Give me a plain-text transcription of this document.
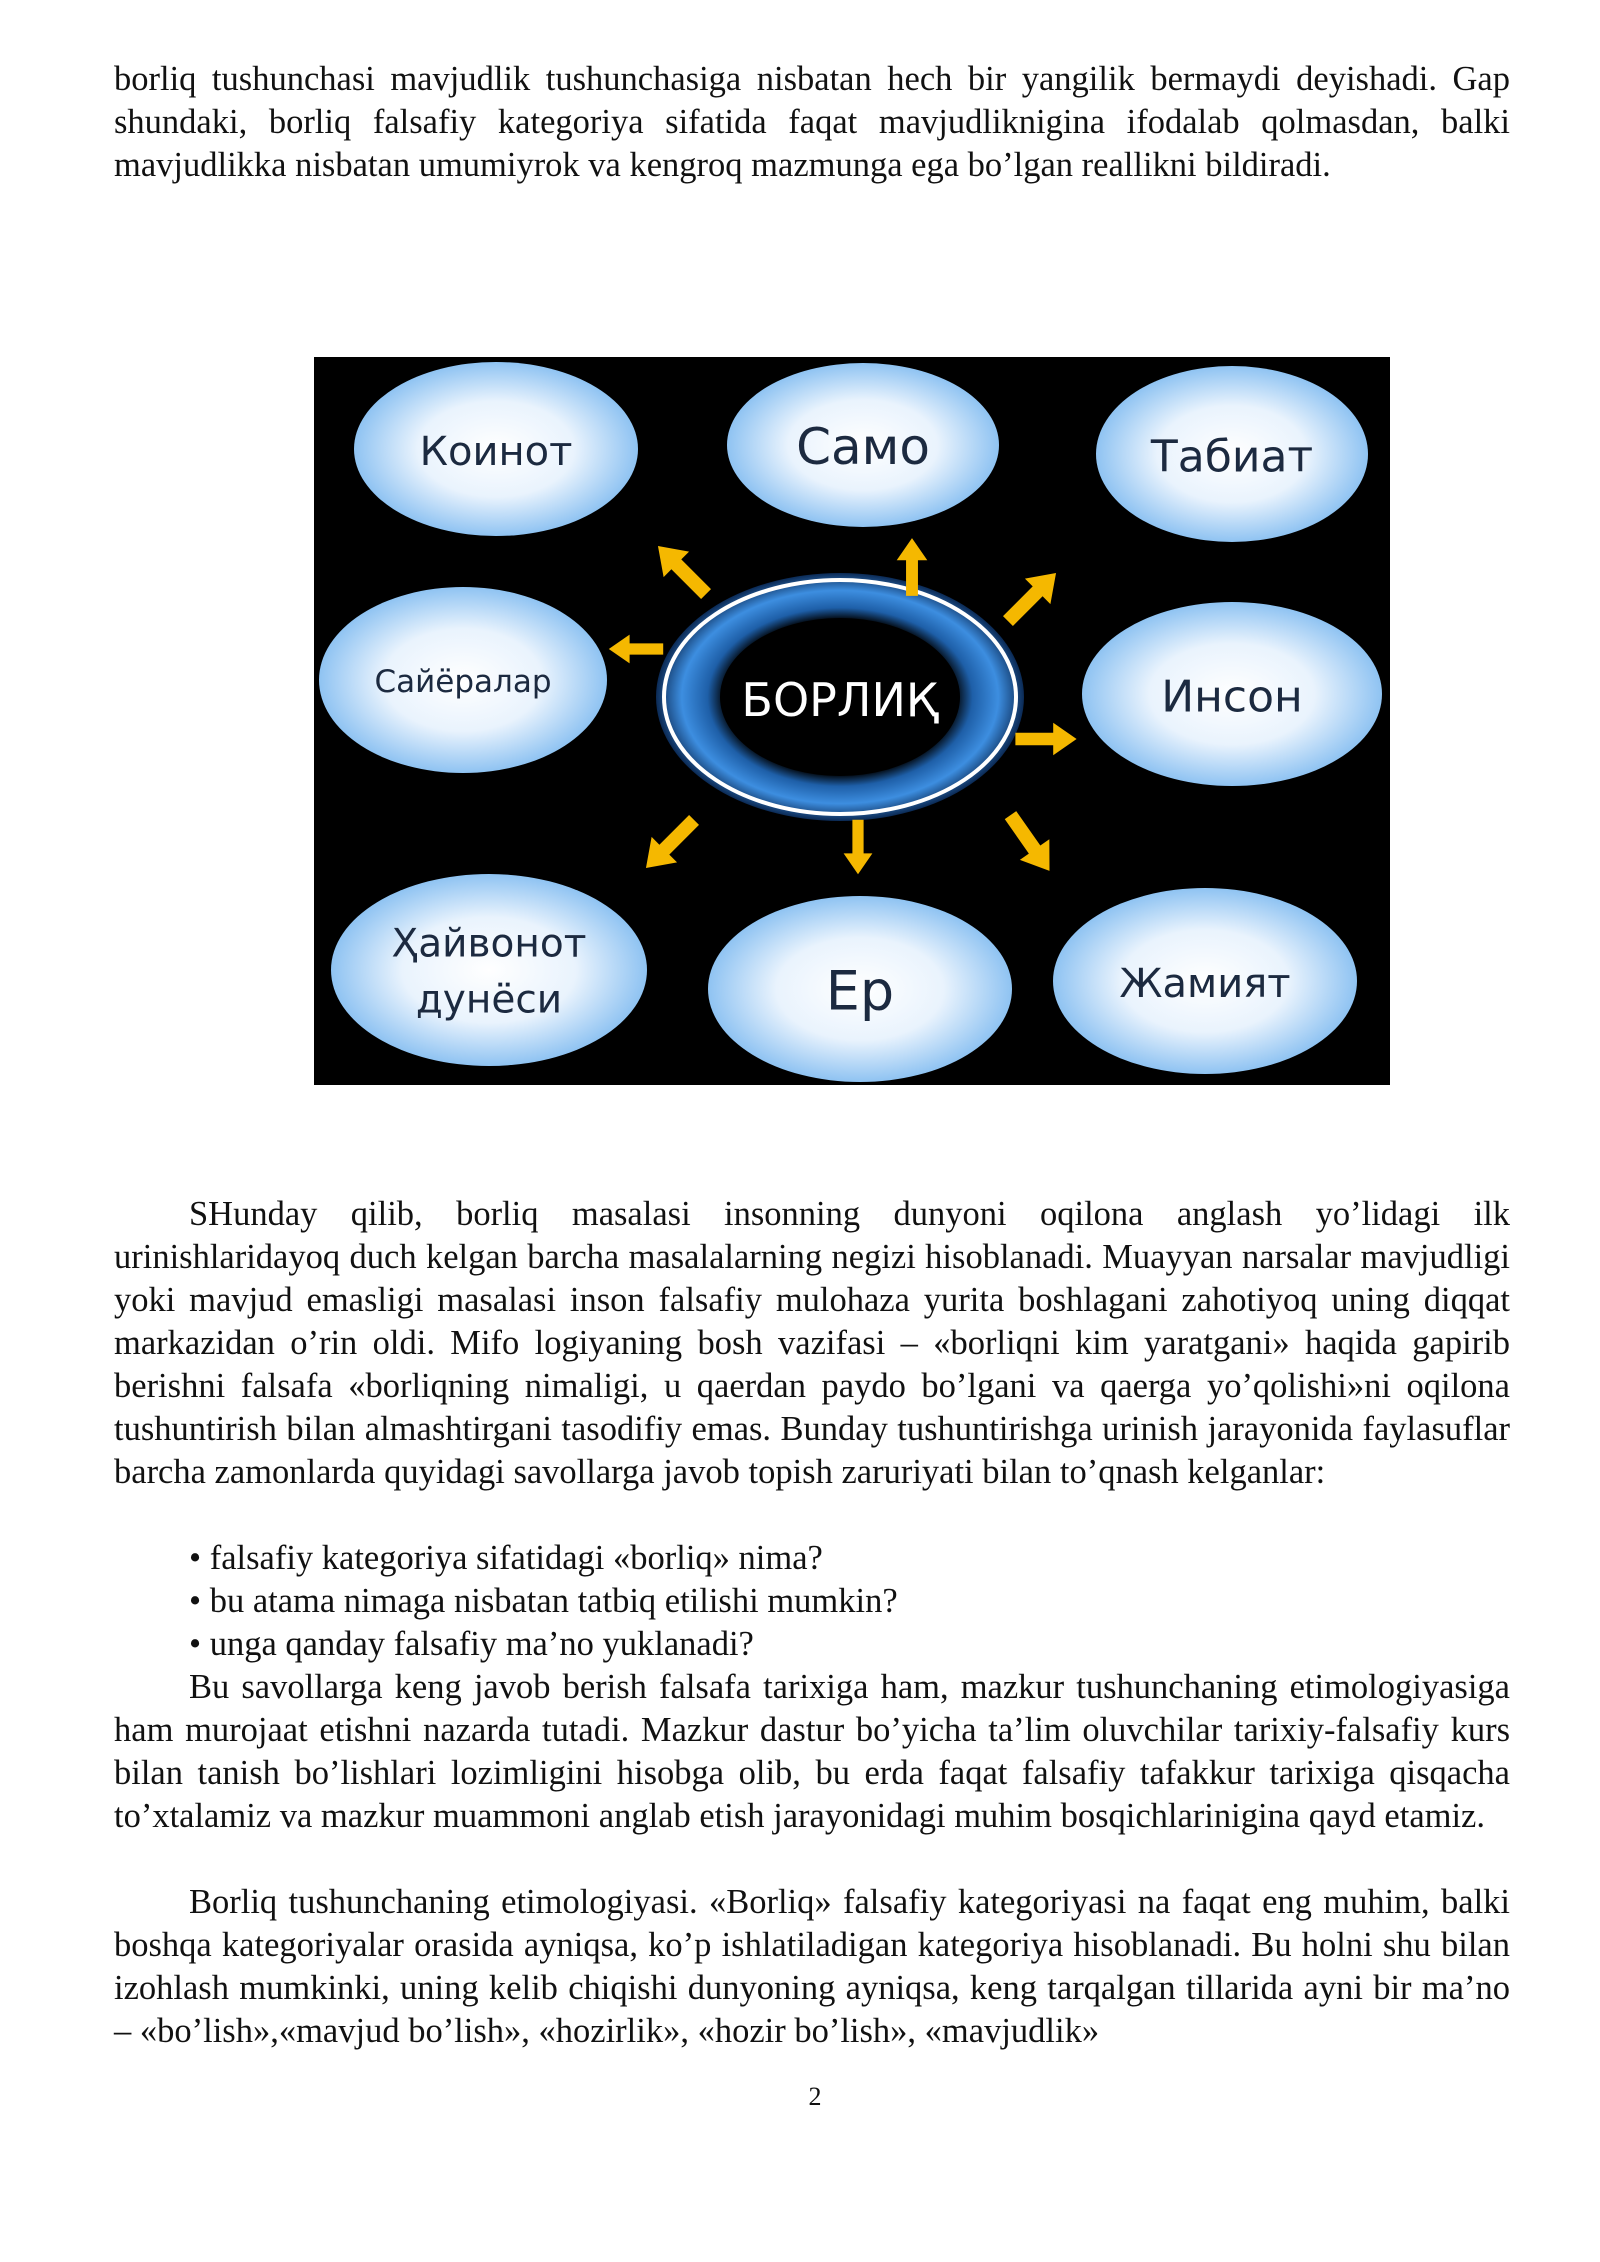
borliq tushunchasi mavjudlik tushunchasiga nisbatan hech bir yangilik bermaydi deyishadi. Gap shundaki, borliq falsafiy kategoriya sifatida faqat mavjudliknigina ifodalab qolmasdan, balki mavjudlikka nisbatan umumiyrok va kengroq mazmunga ega bo’lgan reallikni bildiradi.

Коинот	Само	Табиат
Сайёралар	Инсон
Ҳайвонот
дунёси	Ер	Жамият
БОРЛИҚ

SHunday qilib, borliq masalasi insonning dunyoni oqilona anglash yo’lidagi ilk urinishlaridayoq duch kelgan barcha masalalarning negizi hisoblanadi. Muayyan narsalar mavjudligi yoki mavjud emasligi masalasi inson falsafiy mulohaza yurita boshlagani zahotiyoq uning diqqat markazidan o’rin oldi. Mifo logiyaning bosh vazifasi – «borliqni kim yaratgani» haqida gapirib berishni falsafa «borliqning nimaligi, u qaerdan paydo bo’lgani va qaerga yo’qolishi»ni oqilona tushuntirish bilan almashtirgani tasodifiy emas. Bunday tushuntirishga urinish jarayonida faylasuflar barcha zamonlarda quyidagi savollarga javob topish zaruriyati bilan to’qnash kelganlar:

• falsafiy kategoriya sifatidagi «borliq» nima?
• bu atama nimaga nisbatan tatbiq etilishi mumkin?
• unga qanday falsafiy ma’no yuklanadi?

Bu savollarga keng javob berish falsafa tarixiga ham, mazkur tushunchaning etimologiyasiga ham murojaat etishni nazarda tutadi. Mazkur dastur bo’yicha ta’lim oluvchilar tarixiy-falsafiy kurs bilan tanish bo’lishlari lozimligini hisobga olib, bu erda faqat falsafiy tafakkur tarixiga qisqacha to’xtalamiz va mazkur muammoni anglab etish jarayonidagi muhim bosqichlarinigina qayd etamiz.

Borliq tushunchaning etimologiyasi. «Borliq» falsafiy kategoriyasi na faqat eng muhim, balki boshqa kategoriyalar orasida ayniqsa, ko’p ishlatiladigan kategoriya hisoblanadi. Bu holni shu bilan izohlash mumkinki, uning kelib chiqishi dunyoning ayniqsa, keng tarqalgan tillarida ayni bir ma’no – «bo’lish»,«mavjud bo’lish», «hozirlik», «hozir bo’lish», «mavjudlik»

2
